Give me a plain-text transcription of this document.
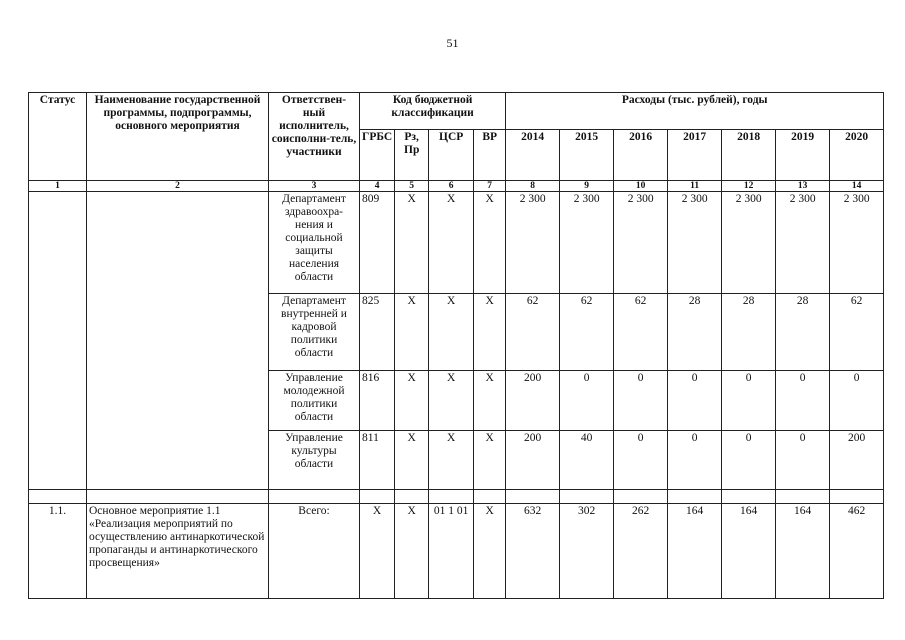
51
Статус	Наименование государственной программы, подпрограммы, основного мероприятия	Ответствен-ный исполнитель, соисполни-тель, участники	Код бюджетной классификации				Расходы (тыс. рублей), годы						
			ГРБС	Рз, Пр	ЦСР	ВР	2014	2015	2016	2017	2018	2019	2020
1	2	3	4	5	6	7	8	9	10	11	12	13	14
		Департамент здравоохра-нения и социальной защиты населения области	809	X	X	X	2 300	2 300	2 300	2 300	2 300	2 300	2 300
		Департамент внутренней и кадровой политики области	825	X	X	X	62	62	62	28	28	28	62
		Управление молодежной политики области	816	X	X	X	200	0	0	0	0	0	0
		Управление культуры области	811	X	X	X	200	40	0	0	0	0	200

1.1.	Основное мероприятие 1.1 «Реализация мероприятий по осуществлению антинаркотической пропаганды и антинаркотического просвещения»	Всего:	X	X	01 1 01	X	632	302	262	164	164	164	462
